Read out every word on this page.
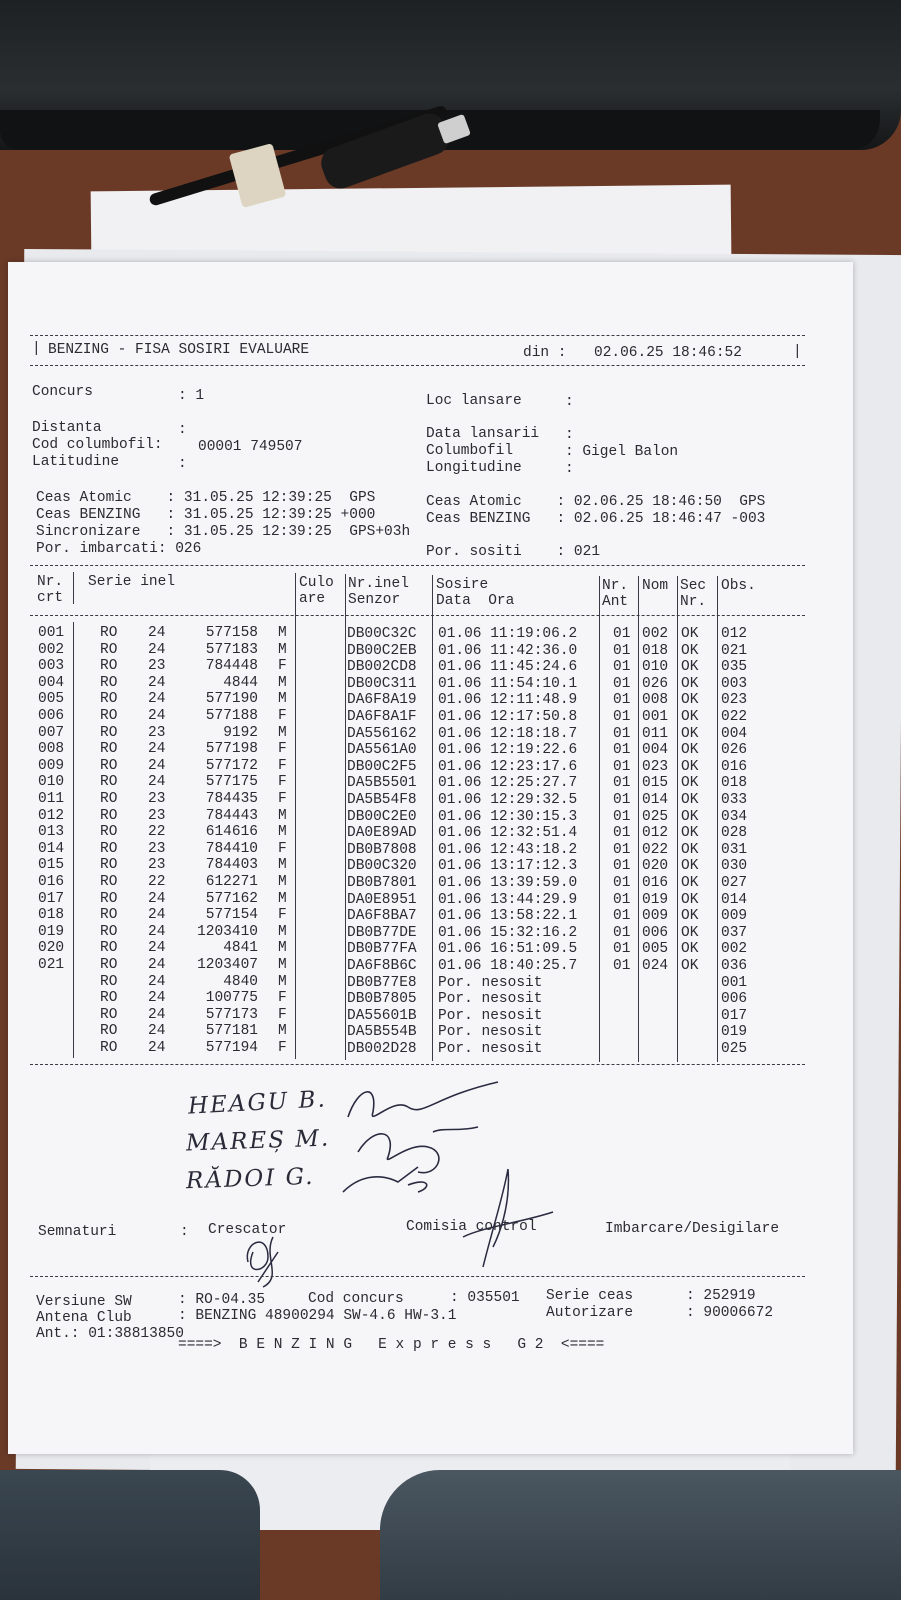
| BENZING - FISA SOSIRI EVALUARE	din : 02.06.25 18:46:52	|
Concurs	: 1	Loc lansare	:
Distanta	:
Cod columbofil: 00001 749507
Latitudine	:
Data lansarii :
Columbofil	: Gigel Balon
Longitudine	:
Ceas Atomic    : 31.05.25 12:39:25  GPS
Ceas BENZING   : 31.05.25 12:39:25 +000
Sincronizare   : 31.05.25 12:39:25  GPS+03h
Por. imbarcati: 026
Ceas Atomic    : 02.06.25 18:46:50  GPS
Ceas BENZING   : 02.06.25 18:46:47 -003
Por. sositi    : 021
Nr.
crt
Serie inel	Culo
are
Nr.inel
Senzor
Sosire
Data  Ora
Nr.
Ant
Nom Sec
Nr.
Obs.
001	RO	24	577158 M	DB00C32C	01.06 11:19:06.2	01 002 OK	012
002	RO	24	577183 M	DB00C2EB	01.06 11:42:36.0	01 018 OK	021
003	RO	23	784448 F	DB002CD8	01.06 11:45:24.6	01 010 OK	035
004	RO	24	4844 M	DB00C311	01.06 11:54:10.1	01 026 OK	003
005	RO	24	577190 M	DA6F8A19	01.06 12:11:48.9	01 008 OK	023
006	RO	24	577188 F	DA6F8A1F	01.06 12:17:50.8	01 001 OK	022
007	RO	23	9192 M	DA556162	01.06 12:18:18.7	01 011 OK	004
008	RO	24	577198 F	DA5561A0	01.06 12:19:22.6	01 004 OK	026
009	RO	24	577172 F	DB00C2F5	01.06 12:23:17.6	01 023 OK	016
010	RO	24	577175 F	DA5B5501	01.06 12:25:27.7	01 015 OK	018
011	RO	23	784435 F	DA5B54F8	01.06 12:29:32.5	01 014 OK	033
012	RO	23	784443 M	DB00C2E0	01.06 12:30:15.3	01 025 OK	034
013	RO	22	614616 M	DA0E89AD	01.06 12:32:51.4	01 012 OK	028
014	RO	23	784410 F	DB0B7808	01.06 12:43:18.2	01 022 OK	031
015	RO	23	784403 M	DB00C320	01.06 13:17:12.3	01 020 OK	030
016	RO	22	612271 M	DB0B7801	01.06 13:39:59.0	01 016 OK	027
017	RO	24	577162 M	DA0E8951	01.06 13:44:29.9	01 019 OK	014
018	RO	24	577154 F	DA6F8BA7	01.06 13:58:22.1	01 009 OK	009
019	RO	24	1203410 M	DB0B77DE	01.06 15:32:16.2	01 006 OK	037
020	RO	24	4841 M	DB0B77FA	01.06 16:51:09.5	01 005 OK	002
021	RO	24	1203407 M	DA6F8B6C	01.06 18:40:25.7	01 024 OK	036
RO	24	4840 M	DB0B77E8	Por. nesosit	001
RO	24	100775 F	DB0B7805	Por. nesosit	006
RO	24	577173 F	DA55601B	Por. nesosit	017
RO	24	577181 M	DA5B554B	Por. nesosit	019
RO	24	577194 F	DB002D28	Por. nesosit	025
HEAGU B.
MAREȘ M.
RĂDOI G.
Semnaturi	: Crescator	Comisia control	Imbarcare/Desigilare
Versiune SW	: RO-04.35	Cod concurs	: 035501 Serie ceas	: 252919
Antena Club	: BENZING 48900294 SW-4.6 HW-3.1	Autorizare	: 90006672
Ant.: 01:38813850
====>  B E N Z I N G   E x p r e s s   G 2  <====
